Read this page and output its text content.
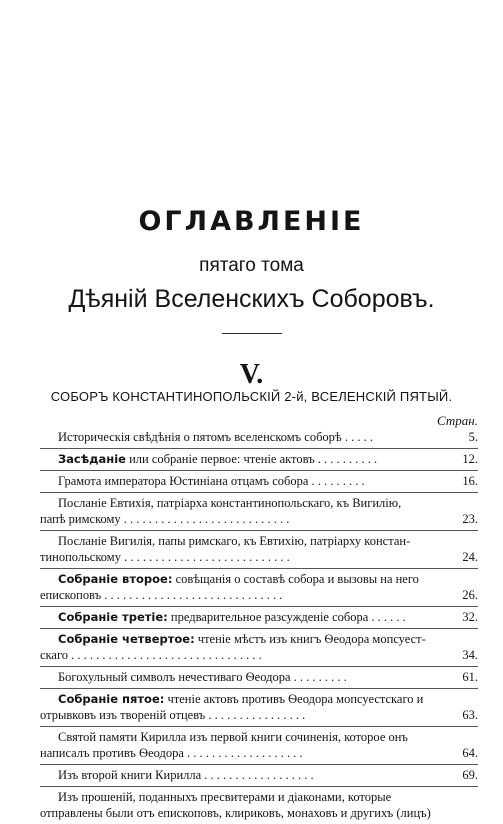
ОГЛАВЛЕНІЕ
пятаго тома
Дѣяній Вселенскихъ Соборовъ.
V.
СОБОРЪ КОНСТАНТИНОПОЛЬСКІЙ 2-й, ВСЕЛЕНСКІЙ ПЯТЫЙ.
Стран.
Историческія свѣдѣнія о пятомъ вселенскомъ соборѣ . . . . .	5.
Засѣданіе или собраніе первое: чтеніе актовъ . . . . . . . . . .	12.
Грамота императора Юстиніана отцамъ собора . . . . . . . . .	16.
Посланіе Евтихія, патріарха константинопольскаго, къ Вигилію,
папѣ римскому . . . . . . . . . . . . . . . . . . . . . . . . . . .	23.
Посланіе Вигилія, папы римскаго, къ Евтихію, патріарху констан-
тинопольскому . . . . . . . . . . . . . . . . . . . . . . . . . . .	24.
Собраніе второе: совѣщанія о составѣ собора и вызовы на него
епископовъ . . . . . . . . . . . . . . . . . . . . . . . . . . . . .	26.
Собраніе третіе: предварительное разсужденіе собора . . . . . .	32.
Собраніе четвертое: чтеніе мѣстъ изъ книгъ Ѳеодора мопсуест-
скаго . . . . . . . . . . . . . . . . . . . . . . . . . . . . . . .	34.
Богохульный символъ нечестиваго Ѳеодора . . . . . . . . .	61.
Собраніе пятое: чтеніе актовъ противъ Ѳеодора мопсуестскаго и
отрывковъ изъ твореній отцевъ . . . . . . . . . . . . . . . .	63.
Святой памяти Кирилла изъ первой книги сочиненія, которое онъ
написалъ противъ Ѳеодора . . . . . . . . . . . . . . . . . . .	64.
Изъ второй книги Кирилла . . . . . . . . . . . . . . . . . .	69.
Изъ прошеній, поданныхъ пресвитерами и діаконами, которые
отправлены были отъ епископовъ, клириковъ, монаховъ и другихъ (лицъ)
